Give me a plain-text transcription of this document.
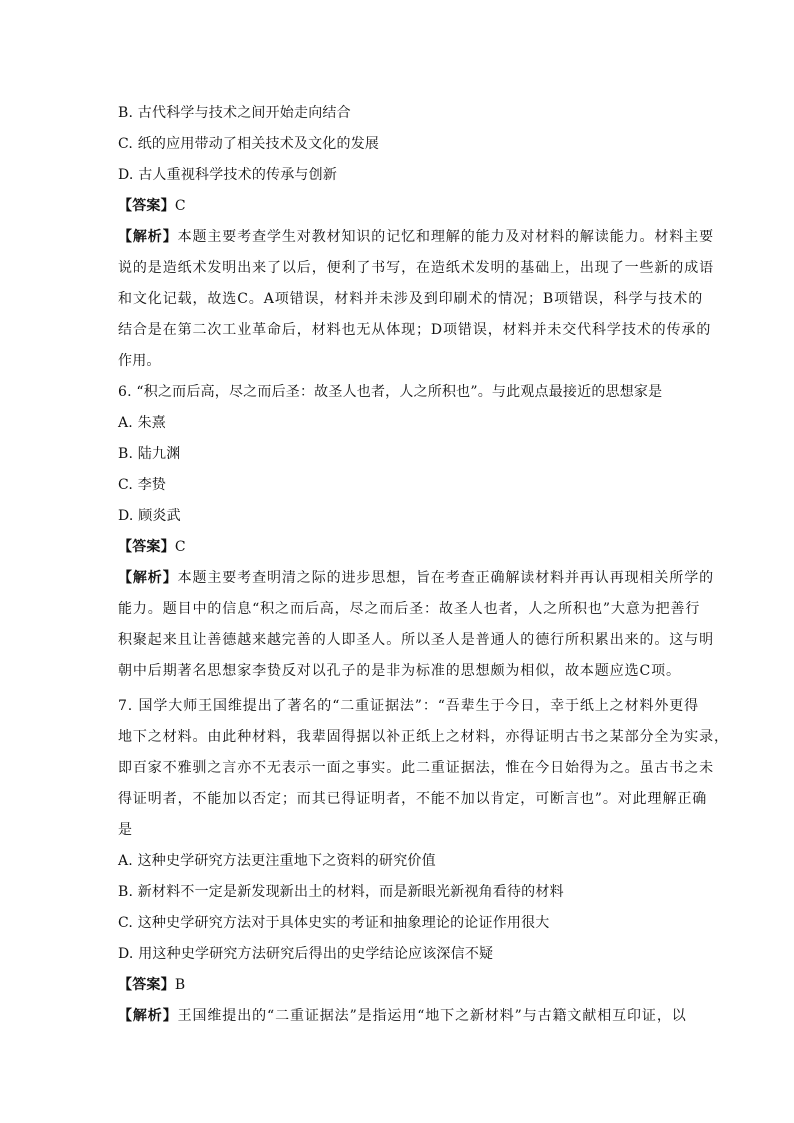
B. 古代科学与技术之间开始走向结合
C. 纸的应用带动了相关技术及文化的发展
D. 古人重视科学技术的传承与创新
【答案】C
【解析】本题主要考查学生对教材知识的记忆和理解的能力及对材料的解读能力。材料主要
说的是造纸术发明出来了以后，便利了书写，在造纸术发明的基础上，出现了一些新的成语
和文化记载，故选C。A项错误，材料并未涉及到印刷术的情况；B项错误，科学与技术的
结合是在第二次工业革命后，材料也无从体现；D项错误，材料并未交代科学技术的传承的
作用。
6. “积之而后高，尽之而后圣：故圣人也者，人之所积也”。与此观点最接近的思想家是
A. 朱熹
B. 陆九渊
C. 李贽
D. 顾炎武
【答案】C
【解析】本题主要考查明清之际的进步思想，旨在考查正确解读材料并再认再现相关所学的
能力。题目中的信息“积之而后高，尽之而后圣：故圣人也者，人之所积也”大意为把善行
积聚起来且让善德越来越完善的人即圣人。所以圣人是普通人的德行所积累出来的。这与明
朝中后期著名思想家李贽反对以孔子的是非为标准的思想颇为相似，故本题应选C项。
7. 国学大师王国维提出了著名的“二重证据法”：“吾辈生于今日，幸于纸上之材料外更得
地下之材料。由此种材料，我辈固得据以补正纸上之材料，亦得证明古书之某部分全为实录，
即百家不雅驯之言亦不无表示一面之事实。此二重证据法，惟在今日始得为之。虽古书之未
得证明者，不能加以否定；而其已得证明者，不能不加以肯定，可断言也”。对此理解正确
是
A. 这种史学研究方法更注重地下之资料的研究价值
B. 新材料不一定是新发现新出土的材料，而是新眼光新视角看待的材料
C. 这种史学研究方法对于具体史实的考证和抽象理论的论证作用很大
D. 用这种史学研究方法研究后得出的史学结论应该深信不疑
【答案】B
【解析】王国维提出的“二重证据法”是指运用“地下之新材料”与古籍文献相互印证，以
